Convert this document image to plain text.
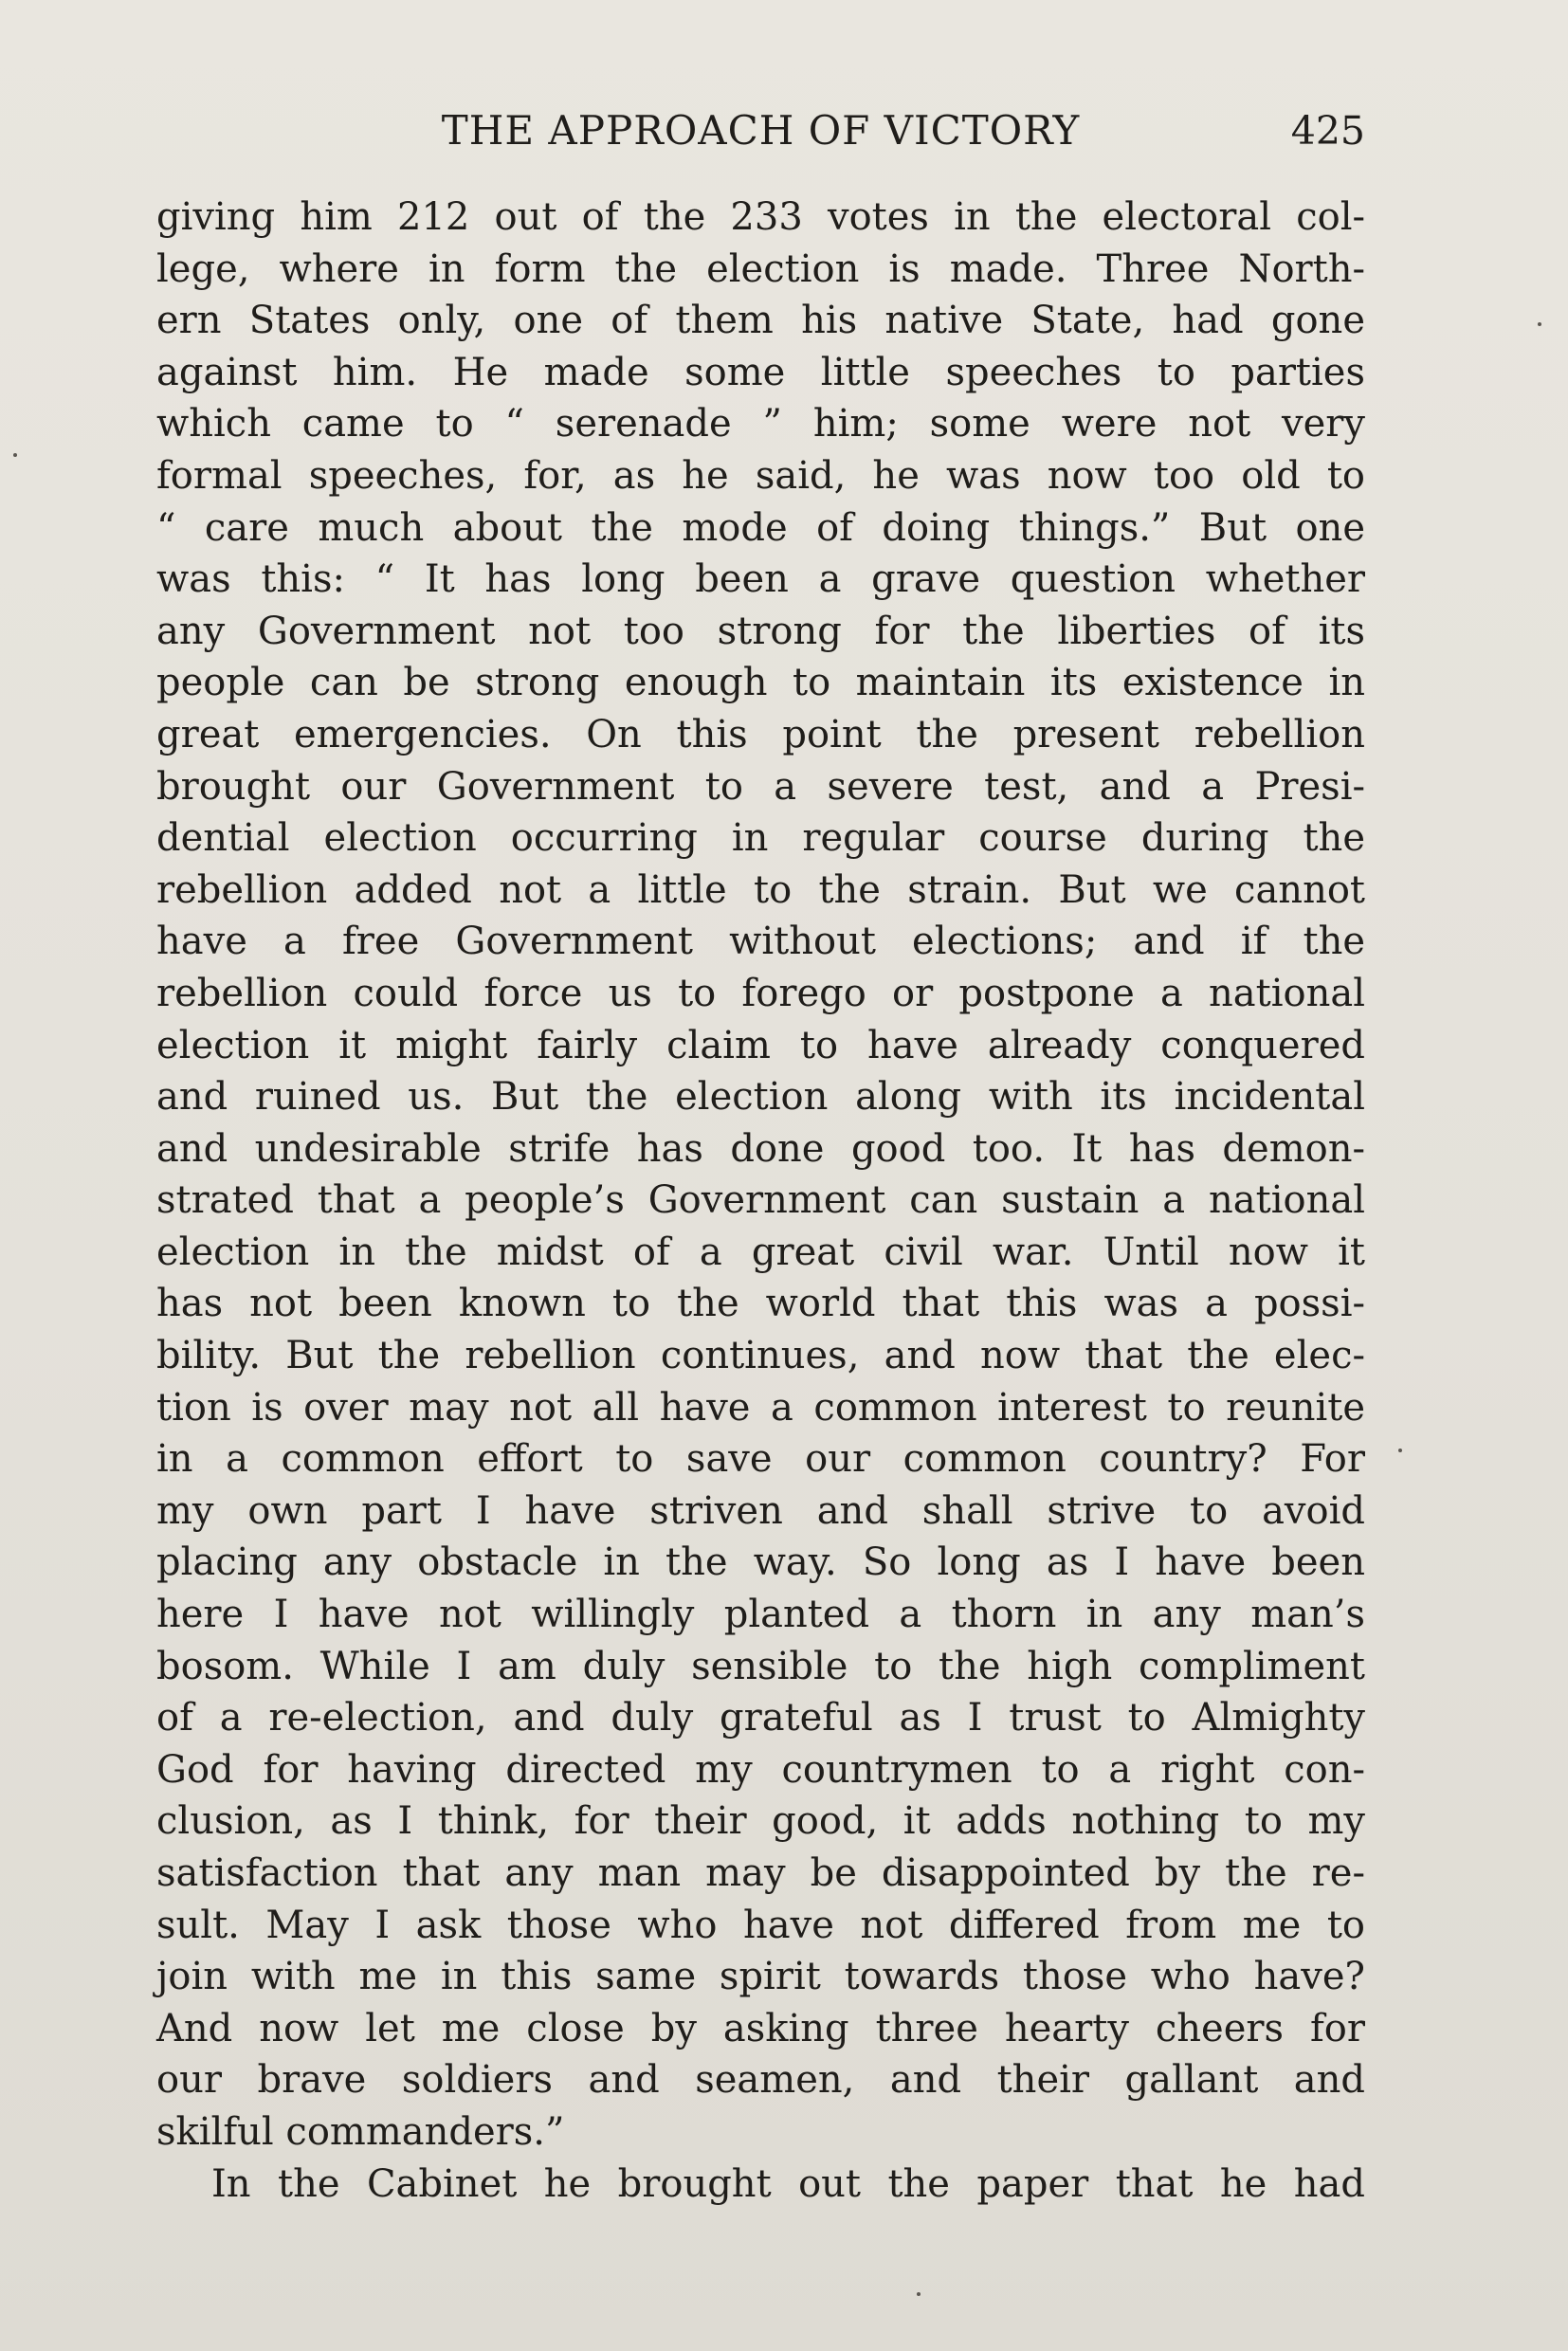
THE APPROACH OF VICTORY	425
giving him 212 out of the 233 votes in the electoral col-
lege, where in form the election is made. Three North-
ern States only, one of them his native State, had gone
against him. He made some little speeches to parties
which came to “ serenade ” him; some were not very
formal speeches, for, as he said, he was now too old to
“ care much about the mode of doing things.” But one
was this: “ It has long been a grave question whether
any Government not too strong for the liberties of its
people can be strong enough to maintain its existence in
great emergencies. On this point the present rebellion
brought our Government to a severe test, and a Presi-
dential election occurring in regular course during the
rebellion added not a little to the strain. But we cannot
have a free Government without elections; and if the
rebellion could force us to forego or postpone a national
election it might fairly claim to have already conquered
and ruined us. But the election along with its incidental
and undesirable strife has done good too. It has demon-
strated that a people’s Government can sustain a national
election in the midst of a great civil war. Until now it
has not been known to the world that this was a possi-
bility. But the rebellion continues, and now that the elec-
tion is over may not all have a common interest to reunite
in a common effort to save our common country? For
my own part I have striven and shall strive to avoid
placing any obstacle in the way. So long as I have been
here I have not willingly planted a thorn in any man’s
bosom. While I am duly sensible to the high compliment
of a re-election, and duly grateful as I trust to Almighty
God for having directed my countrymen to a right con-
clusion, as I think, for their good, it adds nothing to my
satisfaction that any man may be disappointed by the re-
sult. May I ask those who have not differed from me to
join with me in this same spirit towards those who have?
And now let me close by asking three hearty cheers for
our brave soldiers and seamen, and their gallant and
skilful commanders.”
In the Cabinet he brought out the paper that he had
